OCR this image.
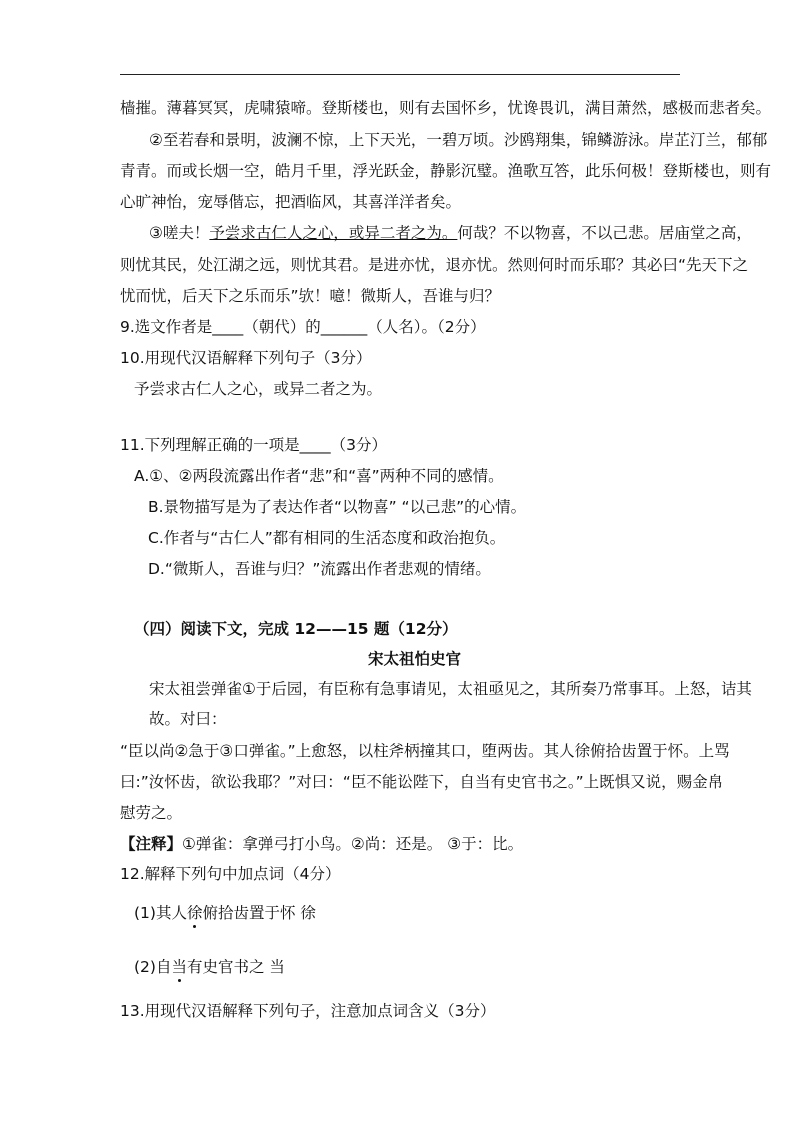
樯摧。薄暮冥冥，虎啸猿啼。登斯楼也，则有去国怀乡，忧谗畏讥，满目萧然，感极而悲者矣。
②至若春和景明，波澜不惊，上下天光，一碧万顷。沙鸥翔集，锦鳞游泳。岸芷汀兰，郁郁
青青。而或长烟一空，皓月千里，浮光跃金，静影沉璧。渔歌互答，此乐何极！登斯楼也，则有
心旷神怡，宠辱偕忘，把酒临风，其喜洋洋者矣。
③嗟夫！予尝求古仁人之心，或异二者之为。何哉？不以物喜，不以己悲。居庙堂之高，
则忧其民，处江湖之远，则忧其君。是进亦忧，退亦忧。然则何时而乐耶？其必曰“先天下之
忧而忧，后天下之乐而乐”欤！噫！微斯人，吾谁与归？
9.选文作者是____（朝代）的______（人名）。（2分）
10.用现代汉语解释下列句子（3分）
予尝求古仁人之心，或异二者之为。
11.下列理解正确的一项是____（3分）
A.①、②两段流露出作者“悲”和“喜”两种不同的感情。
B.景物描写是为了表达作者“以物喜” “以己悲”的心情。
C.作者与“古仁人”都有相同的生活态度和政治抱负。
D.“微斯人，吾谁与归？”流露出作者悲观的情绪。
（四）阅读下文，完成 12——15 题（12分）
宋太祖怕史官
宋太祖尝弹雀①于后园，有臣称有急事请见，太祖亟见之，其所奏乃常事耳。上怒，诘其
故。对曰：
“臣以尚②急于③口弹雀。”上愈怒，以柱斧柄撞其口，堕两齿。其人徐俯拾齿置于怀。上骂
曰:”汝怀齿，欲讼我耶？”对曰：“臣不能讼陛下，自当有史官书之。”上既惧又说，赐金帛
慰劳之。
【注释】①弹雀：拿弹弓打小鸟。②尚：还是。 ③于：比。
12.解释下列句中加点词（4分）
(1)其人徐俯拾齿置于怀 徐
(2)自当有史官书之 当
13.用现代汉语解释下列句子，注意加点词含义（3分）
